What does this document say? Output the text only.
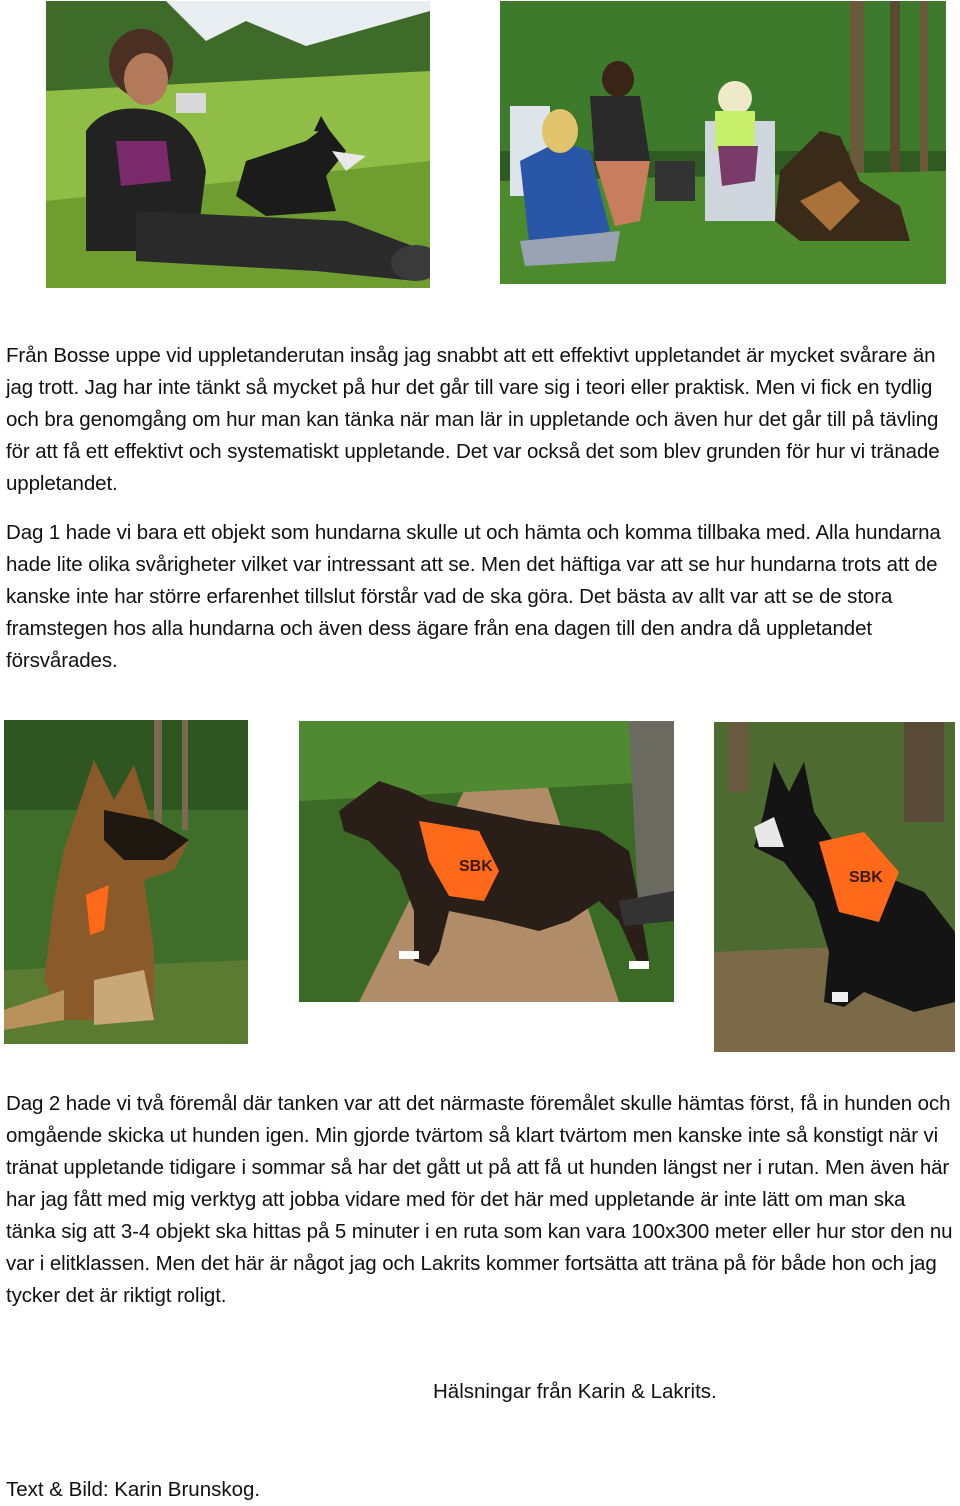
Från Bosse uppe vid uppletanderutan insåg jag snabbt att ett effektivt uppletandet är mycket svårare än jag trott. Jag har inte tänkt så mycket på hur det går till vare sig i teori eller praktisk. Men vi fick en tydlig och bra genomgång om hur man kan tänka när man lär in uppletande och även hur det går till på tävling för att få ett effektivt och systematiskt uppletande. Det var också det som blev grunden för hur vi tränade uppletandet.

Dag 1 hade vi bara ett objekt som hundarna skulle ut och hämta och komma tillbaka med. Alla hundarna hade lite olika svårigheter vilket var intressant att se. Men det häftiga var att se hur hundarna trots att de kanske inte har större erfarenhet tillslut förstår vad de ska göra. Det bästa av allt var att se de stora framstegen hos alla hundarna och även dess ägare från ena dagen till den andra då uppletandet försvårades.

SBK
SBK

Dag 2 hade vi två föremål där tanken var att det närmaste föremålet skulle hämtas först, få in hunden och omgående skicka ut hunden igen. Min gjorde tvärtom så klart tvärtom men kanske inte så konstigt när vi tränat uppletande tidigare i sommar så har det gått ut på att få ut hunden längst ner i rutan. Men även här har jag fått med mig verktyg att jobba vidare med för det här med uppletande är inte lätt om man ska tänka sig att 3-4 objekt ska hittas på 5 minuter i en ruta som kan vara 100x300 meter eller hur stor den nu var i elitklassen. Men det här är något jag och Lakrits kommer fortsätta att träna på för både hon och jag tycker det är riktigt roligt.

Hälsningar från Karin & Lakrits.

Text & Bild: Karin Brunskog.
